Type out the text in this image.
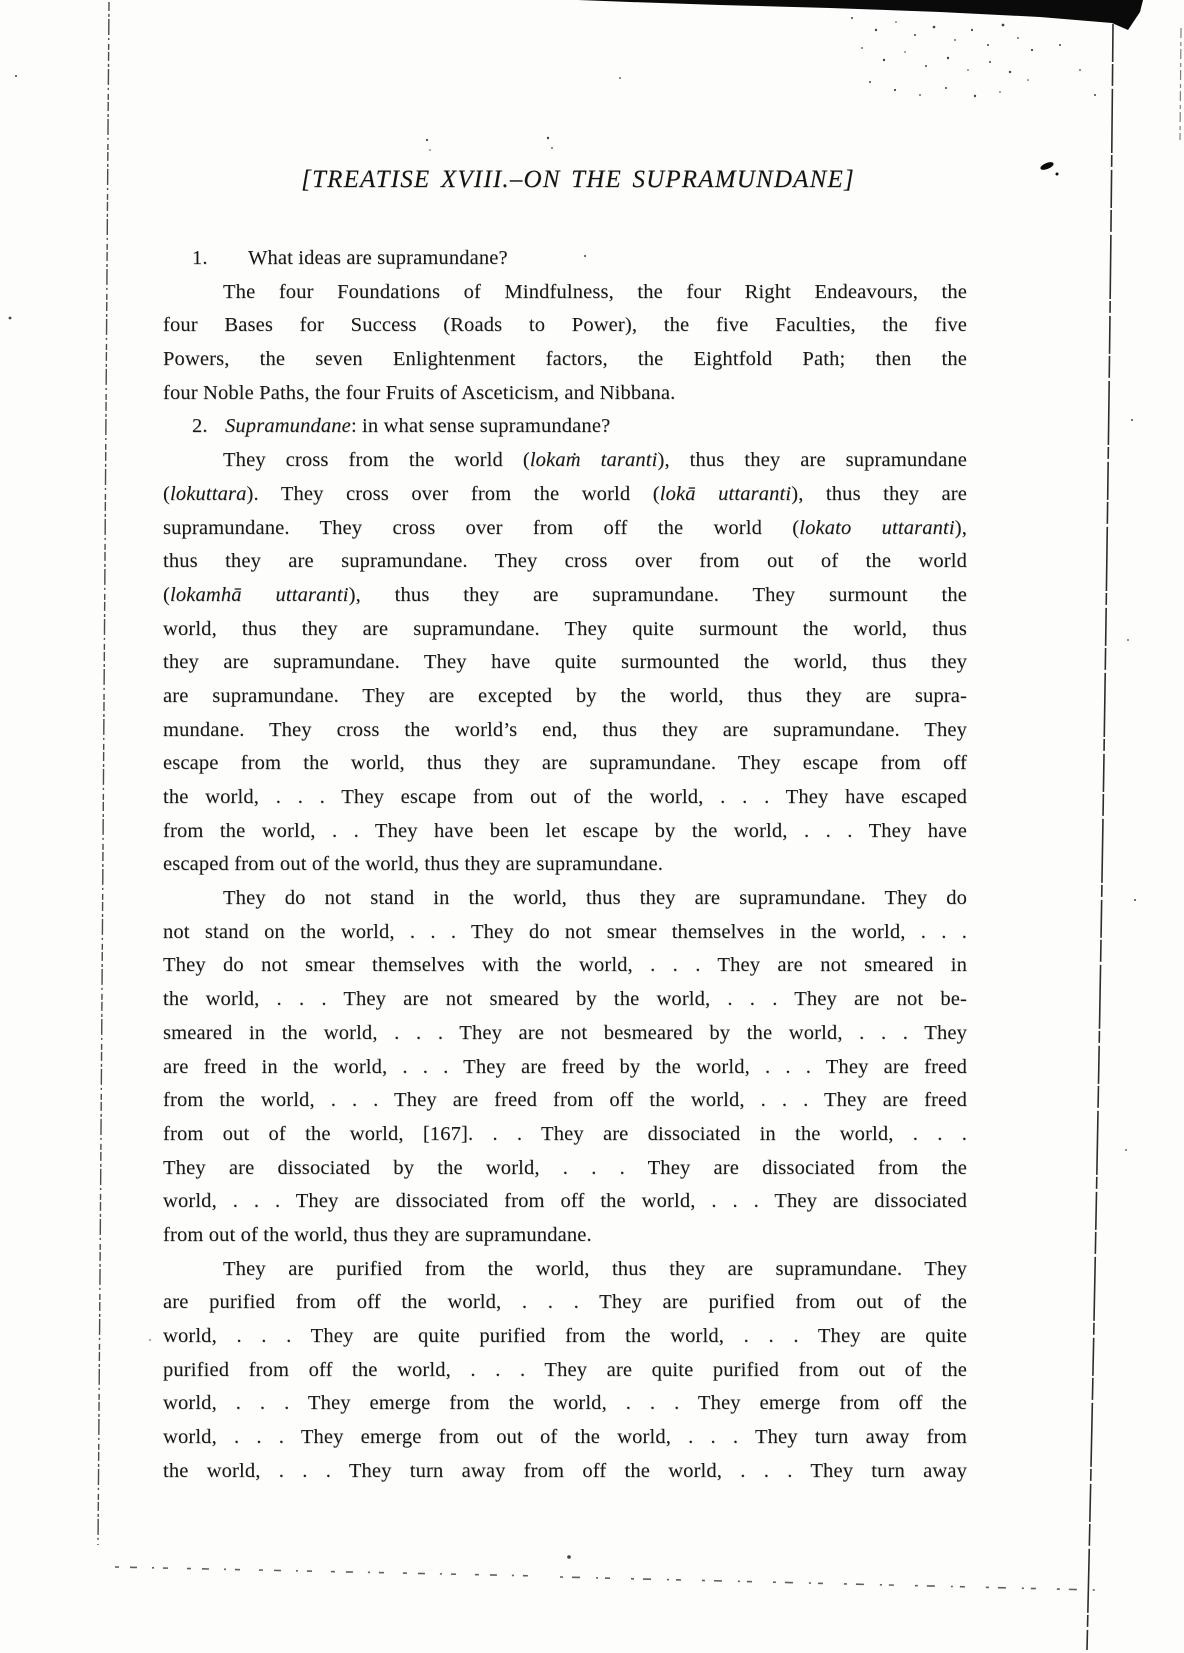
[TREATISE XVIII.–ON THE SUPRAMUNDANE]
1. What ideas are supramundane?
The four Foundations of Mindfulness, the four Right Endeavours, the
four Bases for Success (Roads to Power), the five Faculties, the five
Powers, the seven Enlightenment factors, the Eightfold Path; then the
four Noble Paths, the four Fruits of Asceticism, and Nibbana.
2. Supramundane: in what sense supramundane?
They cross from the world (lokaṁ taranti), thus they are supramundane
(lokuttara). They cross over from the world (lokā uttaranti), thus they are
supramundane. They cross over from off the world (lokato uttaranti),
thus they are supramundane. They cross over from out of the world
(lokamhā uttaranti), thus they are supramundane. They surmount the
world, thus they are supramundane. They quite surmount the world, thus
they are supramundane. They have quite surmounted the world, thus they
are supramundane. They are excepted by the world, thus they are supra-
mundane. They cross the world’s end, thus they are supramundane. They
escape from the world, thus they are supramundane. They escape from off
the world, . . . They escape from out of the world, . . . They have escaped
from the world, . . They have been let escape by the world, . . . They have
escaped from out of the world, thus they are supramundane.
They do not stand in the world, thus they are supramundane. They do
not stand on the world, . . . They do not smear themselves in the world, . . .
They do not smear themselves with the world, . . . They are not smeared in
the world, . . . They are not smeared by the world, . . . They are not be-
smeared in the world, . . . They are not besmeared by the world, . . . They
are freed in the world, . . . They are freed by the world, . . . They are freed
from the world, . . . They are freed from off the world, . . . They are freed
from out of the world, [167]. . . They are dissociated in the world, . . .
They are dissociated by the world, . . . They are dissociated from the
world, . . . They are dissociated from off the world, . . . They are dissociated
from out of the world, thus they are supramundane.
They are purified from the world, thus they are supramundane. They
are purified from off the world, . . . They are purified from out of the
world, . . . They are quite purified from the world, . . . They are quite
purified from off the world, . . . They are quite purified from out of the
world, . . . They emerge from the world, . . . They emerge from off the
world, . . . They emerge from out of the world, . . . They turn away from
the world, . . . They turn away from off the world, . . . They turn away
